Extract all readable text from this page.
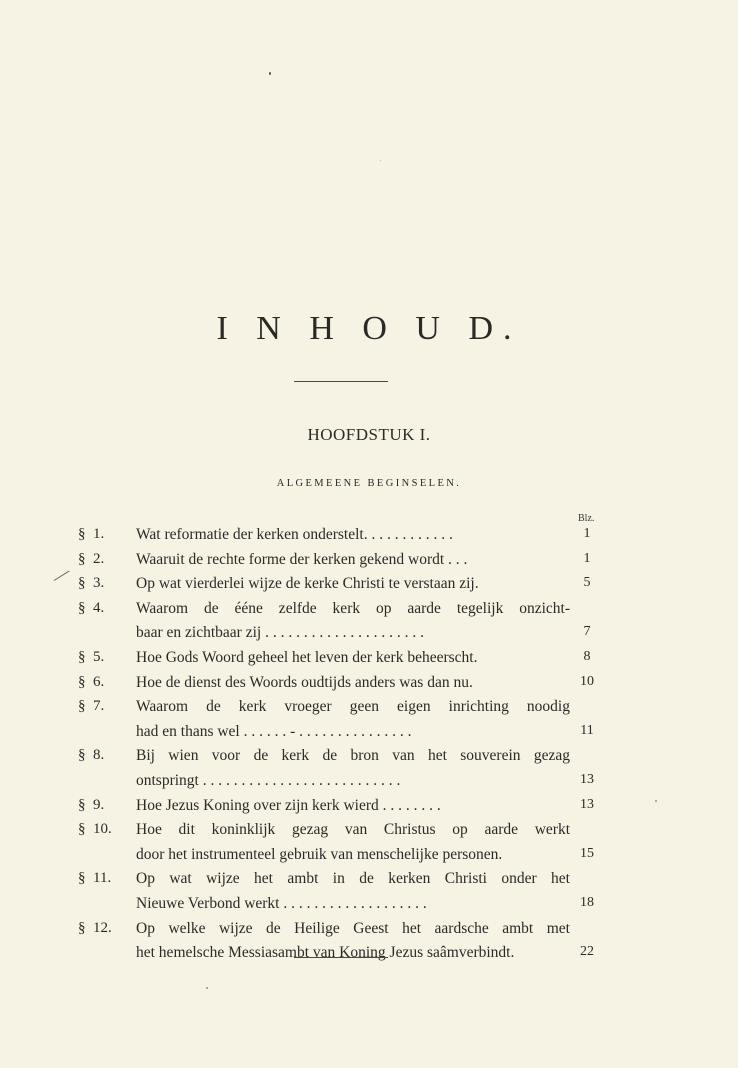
I N H O U D.
HOOFDSTUK I.
ALGEMEENE BEGINSELEN.
Blz.
§ 1. Wat reformatie der kerken onderstelt. . . . . . . . . . . .	1
§ 2. Waaruit de rechte forme der kerken gekend wordt . . .	1
§ 3. Op wat vierderlei wijze de kerke Christi te verstaan zij.	5
§ 4. Waarom de ééne zelfde kerk op aarde tegelijk onzicht-
baar en zichtbaar zij . . . . . . . . . . . . . . . . . . . . .	7
§ 5. Hoe Gods Woord geheel het leven der kerk beheerscht.	8
§ 6. Hoe de dienst des Woords oudtijds anders was dan nu.	10
§ 7. Waarom de kerk vroeger geen eigen inrichting noodig
had en thans wel . . . . . . - . . . . . . . . . . . . . . .	11
§ 8. Bij wien voor de kerk de bron van het souverein gezag
ontspringt . . . . . . . . . . . . . . . . . . . . . . . . . .	13
§ 9. Hoe Jezus Koning over zijn kerk wierd . . . . . . . .	13
§ 10. Hoe dit koninklijk gezag van Christus op aarde werkt
door het instrumenteel gebruik van menschelijke personen.	15
§ 11. Op wat wijze het ambt in de kerken Christi onder het
Nieuwe Verbond werkt . . . . . . . . . . . . . . . . . . .	18
§ 12. Op welke wijze de Heilige Geest het aardsche ambt met
het hemelsche Messiasambt van Koning Jezus saâmverbindt.	22
